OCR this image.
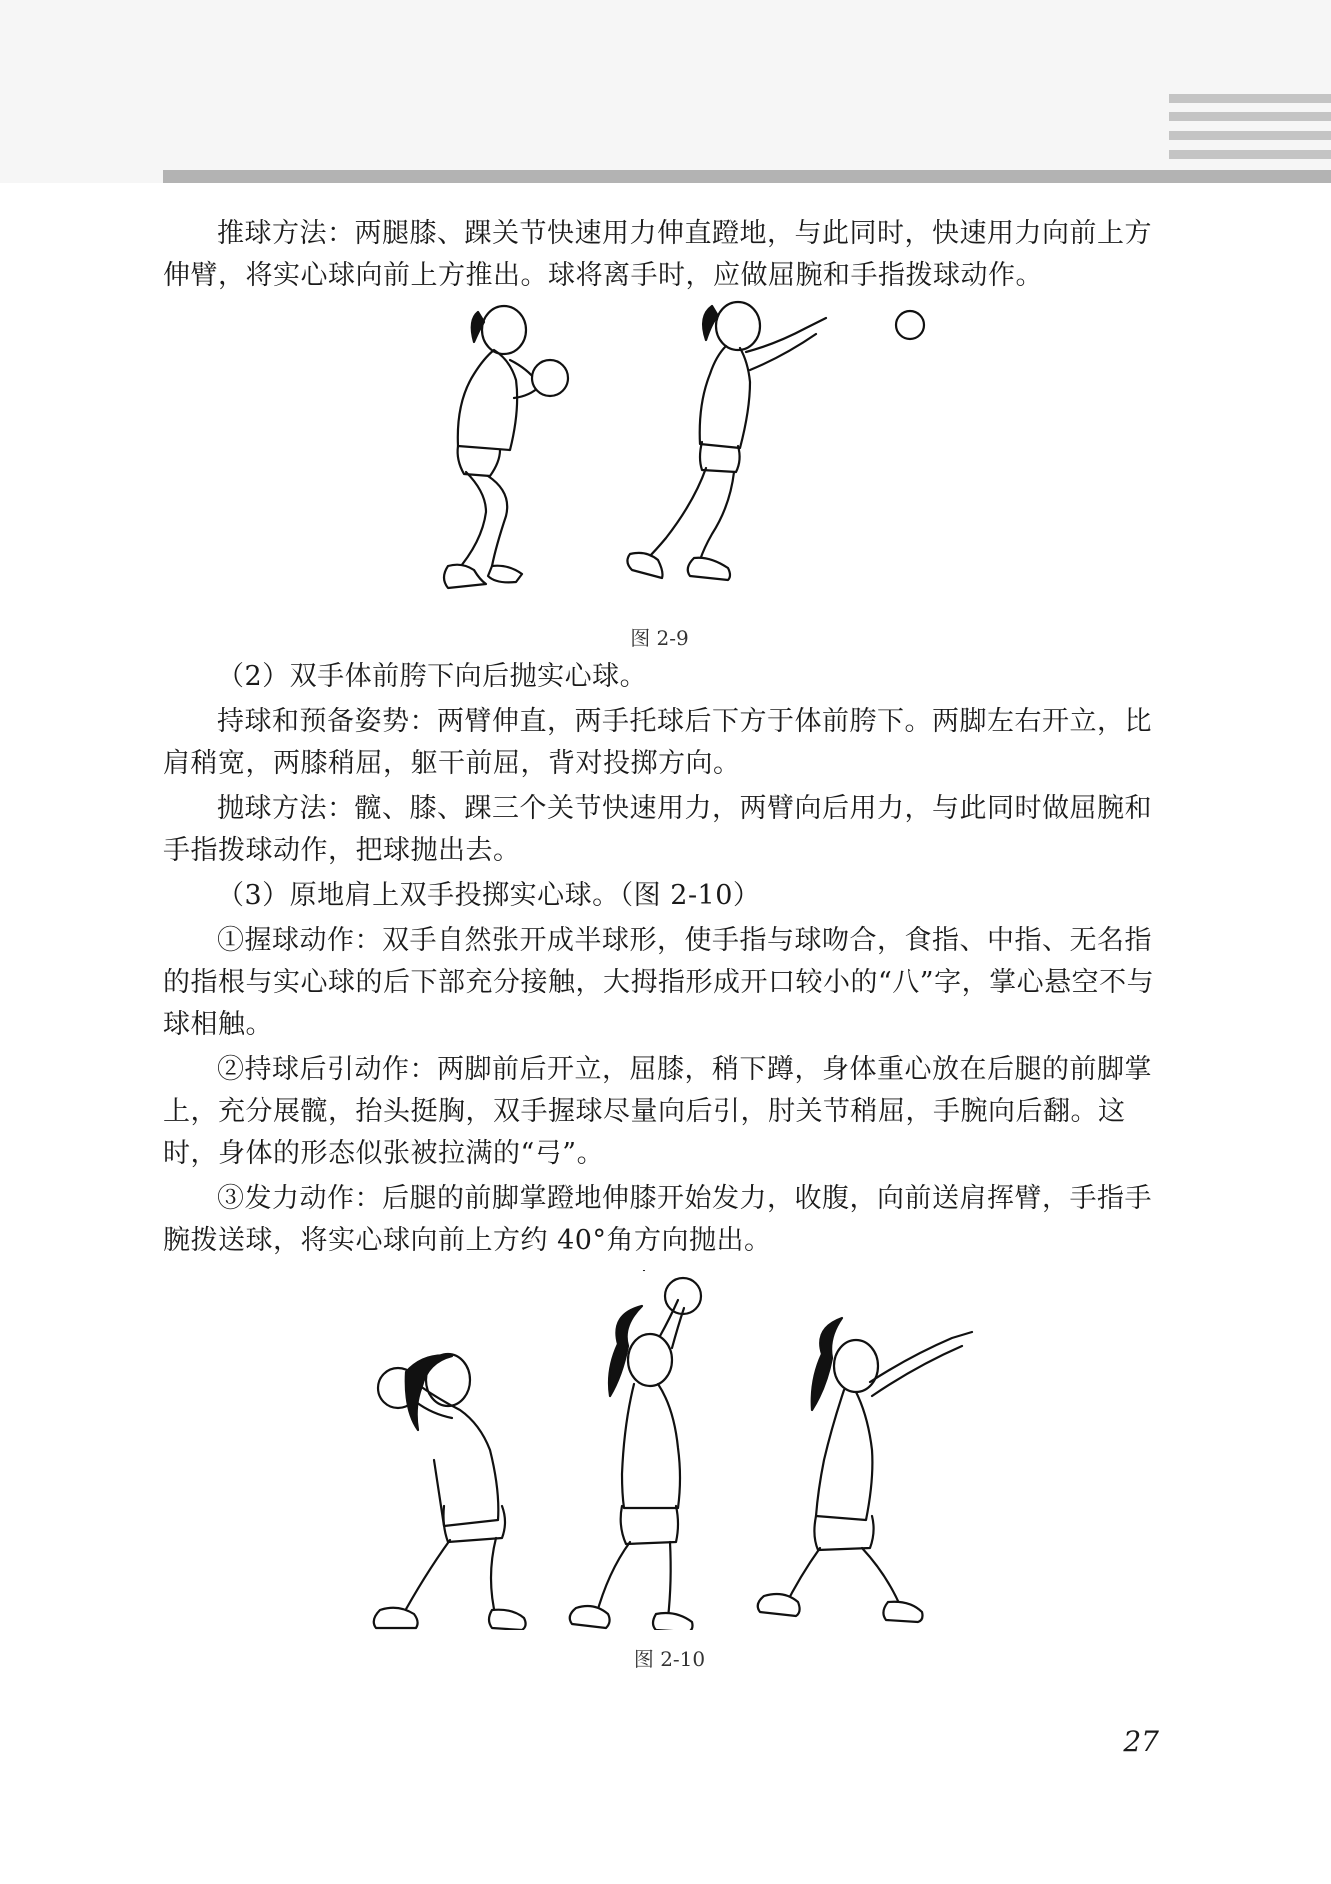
推球方法：两腿膝、踝关节快速用力伸直蹬地，与此同时，快速用力向前上方伸臂，将实心球向前上方推出。球将离手时，应做屈腕和手指拨球动作。

图 2-9

（2）双手体前胯下向后抛实心球。

持球和预备姿势：两臂伸直，两手托球后下方于体前胯下。两脚左右开立，比肩稍宽，两膝稍屈，躯干前屈，背对投掷方向。

抛球方法：髋、膝、踝三个关节快速用力，两臂向后用力，与此同时做屈腕和手指拨球动作，把球抛出去。

（3）原地肩上双手投掷实心球。（图 2-10）

①握球动作：双手自然张开成半球形，使手指与球吻合，食指、中指、无名指的指根与实心球的后下部充分接触，大拇指形成开口较小的“八”字，掌心悬空不与球相触。

②持球后引动作：两脚前后开立，屈膝，稍下蹲，身体重心放在后腿的前脚掌上，充分展髋，抬头挺胸，双手握球尽量向后引，肘关节稍屈，手腕向后翻。这时，身体的形态似张被拉满的“弓”。

③发力动作：后腿的前脚掌蹬地伸膝开始发力，收腹，向前送肩挥臂，手指手腕拨送球，将实心球向前上方约 40°角方向抛出。

图 2-10
27
